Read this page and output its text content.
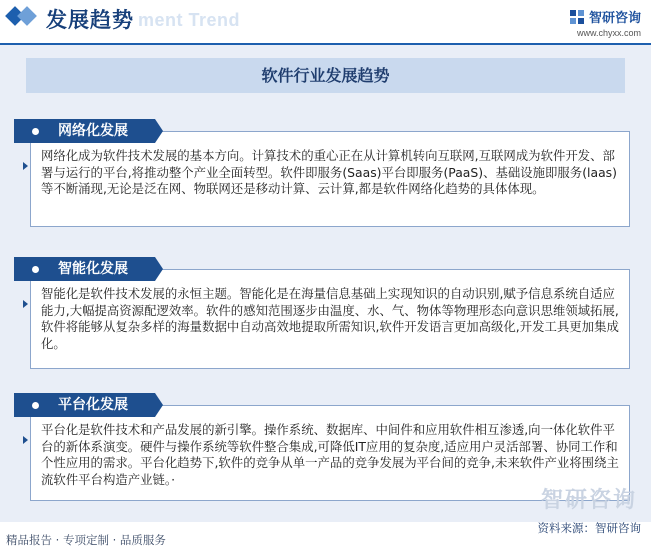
ment Trend
发展趋势	智研咨询
www.chyxx.com
软件行业发展趋势
网络化成为软件技术发展的基本方向。计算技术的重心正在从计算机转向互联网,互联网成为软件开发、部署与运行的平台,将推动整个产业全面转型。软件即服务(Saas)平台即服务(PaaS)、基础设施即服务(laas)等不断涌现,无论是泛在网、物联网还是移动计算、云计算,都是软件网络化趋势的具体体现。
网络化发展
智能化是软件技术发展的永恒主题。智能化是在海量信息基础上实现知识的自动识别,赋予信息系统自适应能力,大幅提高资源配逻效率。软件的感知范围逐步由温度、水、气、物体等物理形态向意识思维领域拓展,软件将能够从复杂多样的海量数据中自动高效地提取所需知识,软件开发语言更加高级化,开发工具更加集成化。
智能化发展
平台化是软件技术和产品发展的新引擎。操作系统、数据库、中间件和应用软件相互渗透,向一体化软件平台的新体系演变。硬件与操作系统等软件整合集成,可降低IT应用的复杂度,适应用户灵活部署、协同工作和个性应用的需求。平台化趋势下,软件的竞争从单一产品的竞争发展为平台间的竞争,未来软件产业将围绕主流软件平台构造产业链。·
平台化发展
智研咨询
资料来源：智研咨询
精品报告 · 专项定制 · 品质服务
